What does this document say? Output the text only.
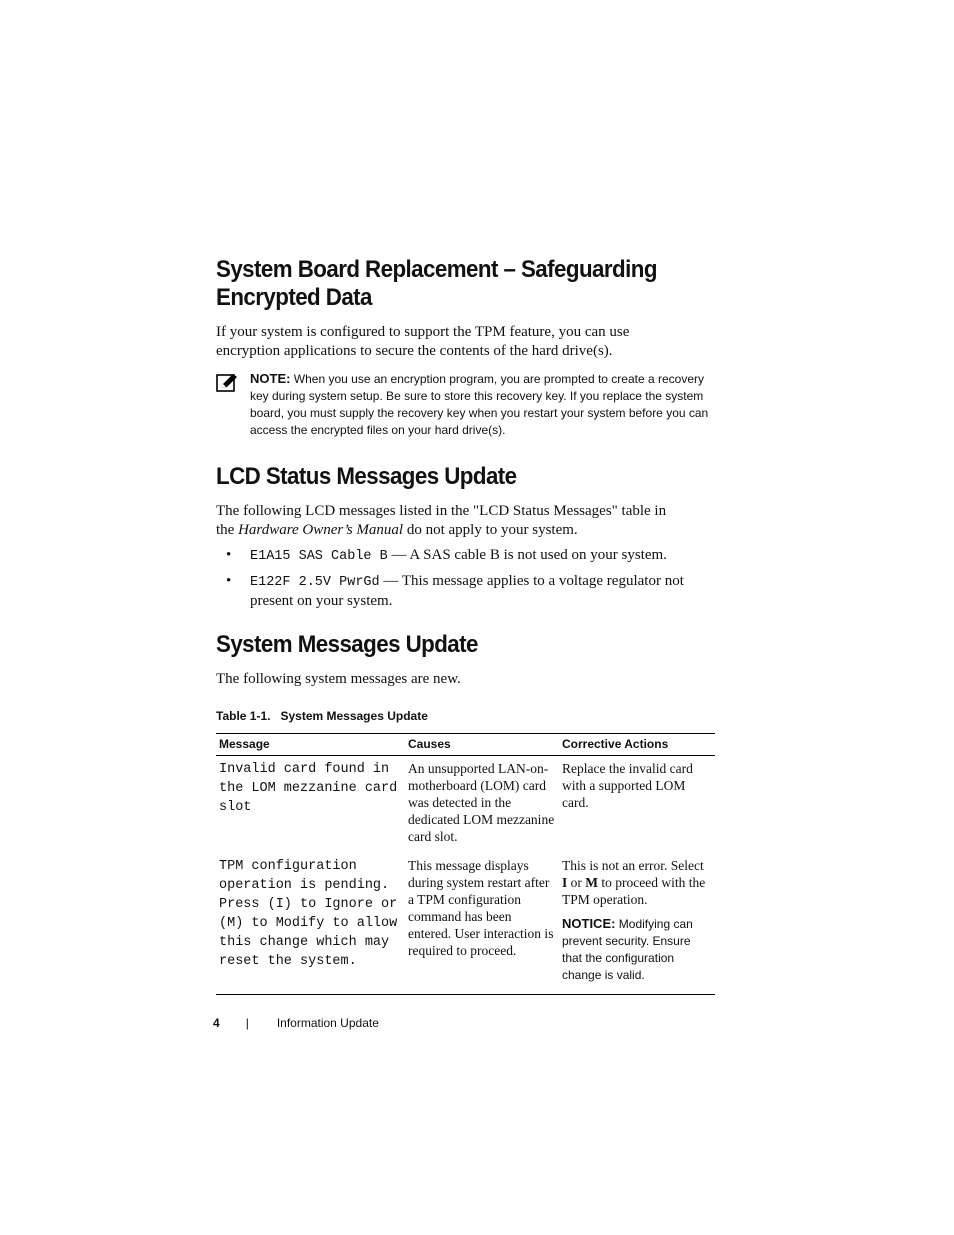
System Board Replacement – Safeguarding Encrypted Data

If your system is configured to support the TPM feature, you can use encryption applications to secure the contents of the hard drive(s).

NOTE: When you use an encryption program, you are prompted to create a recovery key during system setup. Be sure to store this recovery key. If you replace the system board, you must supply the recovery key when you restart your system before you can access the encrypted files on your hard drive(s).
LCD Status Messages Update

The following LCD messages listed in the "LCD Status Messages" table in the Hardware Owner’s Manual do not apply to your system.

• E1A15 SAS Cable B — A SAS cable B is not used on your system.
• E122F 2.5V PwrGd — This message applies to a voltage regulator not present on your system.
System Messages Update

The following system messages are new.

Table 1-1. System Messages Update
Message	Causes	Corrective Actions
Invalid card found in the LOM mezzanine card slot	An unsupported LAN-on-motherboard (LOM) card was detected in the dedicated LOM mezzanine card slot.	Replace the invalid card with a supported LOM card.
TPM configuration operation is pending. Press (I) to Ignore or (M) to Modify to allow this change which may reset the system.	This message displays during system restart after a TPM configuration command has been entered. User interaction is required to proceed.	This is not an error. Select I or M to proceed with the TPM operation.
NOTICE: Modifying can prevent security. Ensure that the configuration change is valid.
4 | Information Update
